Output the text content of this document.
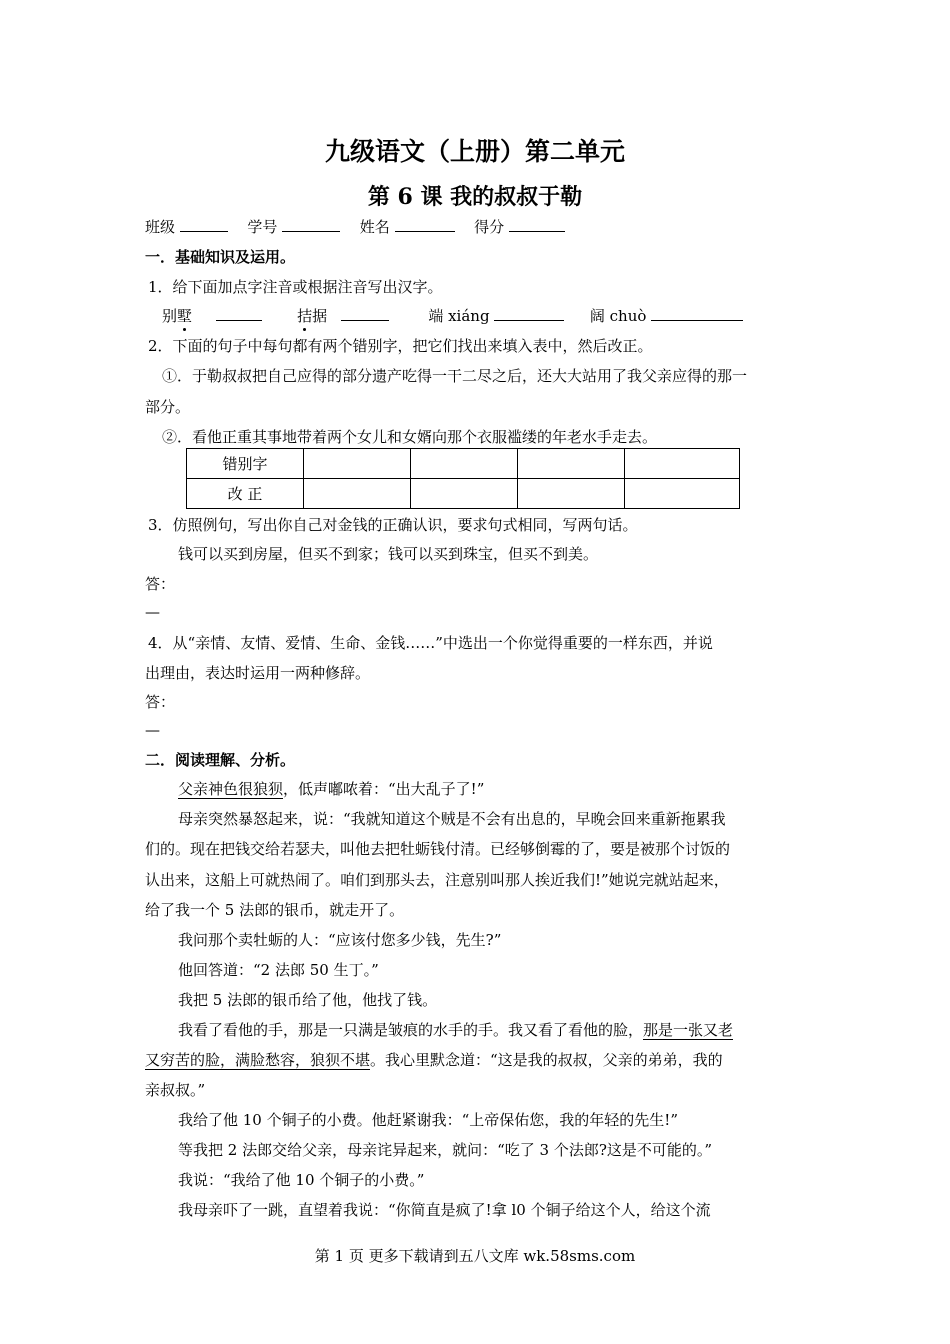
九级语文（上册）第二单元
第 6 课 我的叔叔于勒
班级	学号	姓名	得分
一．基础知识及运用。
1．给下面加点字注音或根据注音写出汉字。
别墅	拮据	端 xiáng	阔 chuò
2．下面的句子中每句都有两个错别字，把它们找出来填入表中，然后改正。
①．于勒叔叔把自己应得的部分遗产吃得一干二尽之后，还大大站用了我父亲应得的那一
部分。
②．看他正重其事地带着两个女儿和女婿向那个衣服褴缕的年老水手走去。
错别字				
改 正				
3．仿照例句，写出你自己对金钱的正确认识，要求句式相同，写两句话。
钱可以买到房屋，但买不到家；钱可以买到珠宝，但买不到美。
答：
—
4．从“亲情、友情、爱情、生命、金钱……”中选出一个你觉得重要的一样东西，并说
出理由，表达时运用一两种修辞。
答：
—
二．阅读理解、分析。
父亲神色很狼狈，低声嘟哝着：“出大乱子了!”
母亲突然暴怒起来，说：“我就知道这个贼是不会有出息的，早晚会回来重新拖累我
们的。现在把钱交给若瑟夫，叫他去把牡蛎钱付清。已经够倒霉的了，要是被那个讨饭的
认出来，这船上可就热闹了。咱们到那头去，注意别叫那人挨近我们!”她说完就站起来，
给了我一个 5 法郎的银币，就走开了。
我问那个卖牡蛎的人：“应该付您多少钱，先生?”
他回答道：“2 法郎 50 生丁。”
我把 5 法郎的银币给了他，他找了钱。
我看了看他的手，那是一只满是皱痕的水手的手。我又看了看他的脸，那是一张又老
又穷苦的脸，满脸愁容，狼狈不堪。我心里默念道：“这是我的叔叔，父亲的弟弟，我的
亲叔叔。”
我给了他 10 个铜子的小费。他赶紧谢我：“上帝保佑您，我的年轻的先生!”
等我把 2 法郎交给父亲，母亲诧异起来，就问：“吃了 3 个法郎?这是不可能的。”
我说：“我给了他 10 个铜子的小费。”
我母亲吓了一跳，直望着我说：“你简直是疯了!拿 l0 个铜子给这个人，给这个流
第 1 页 更多下载请到五八文库 wk.58sms.com
